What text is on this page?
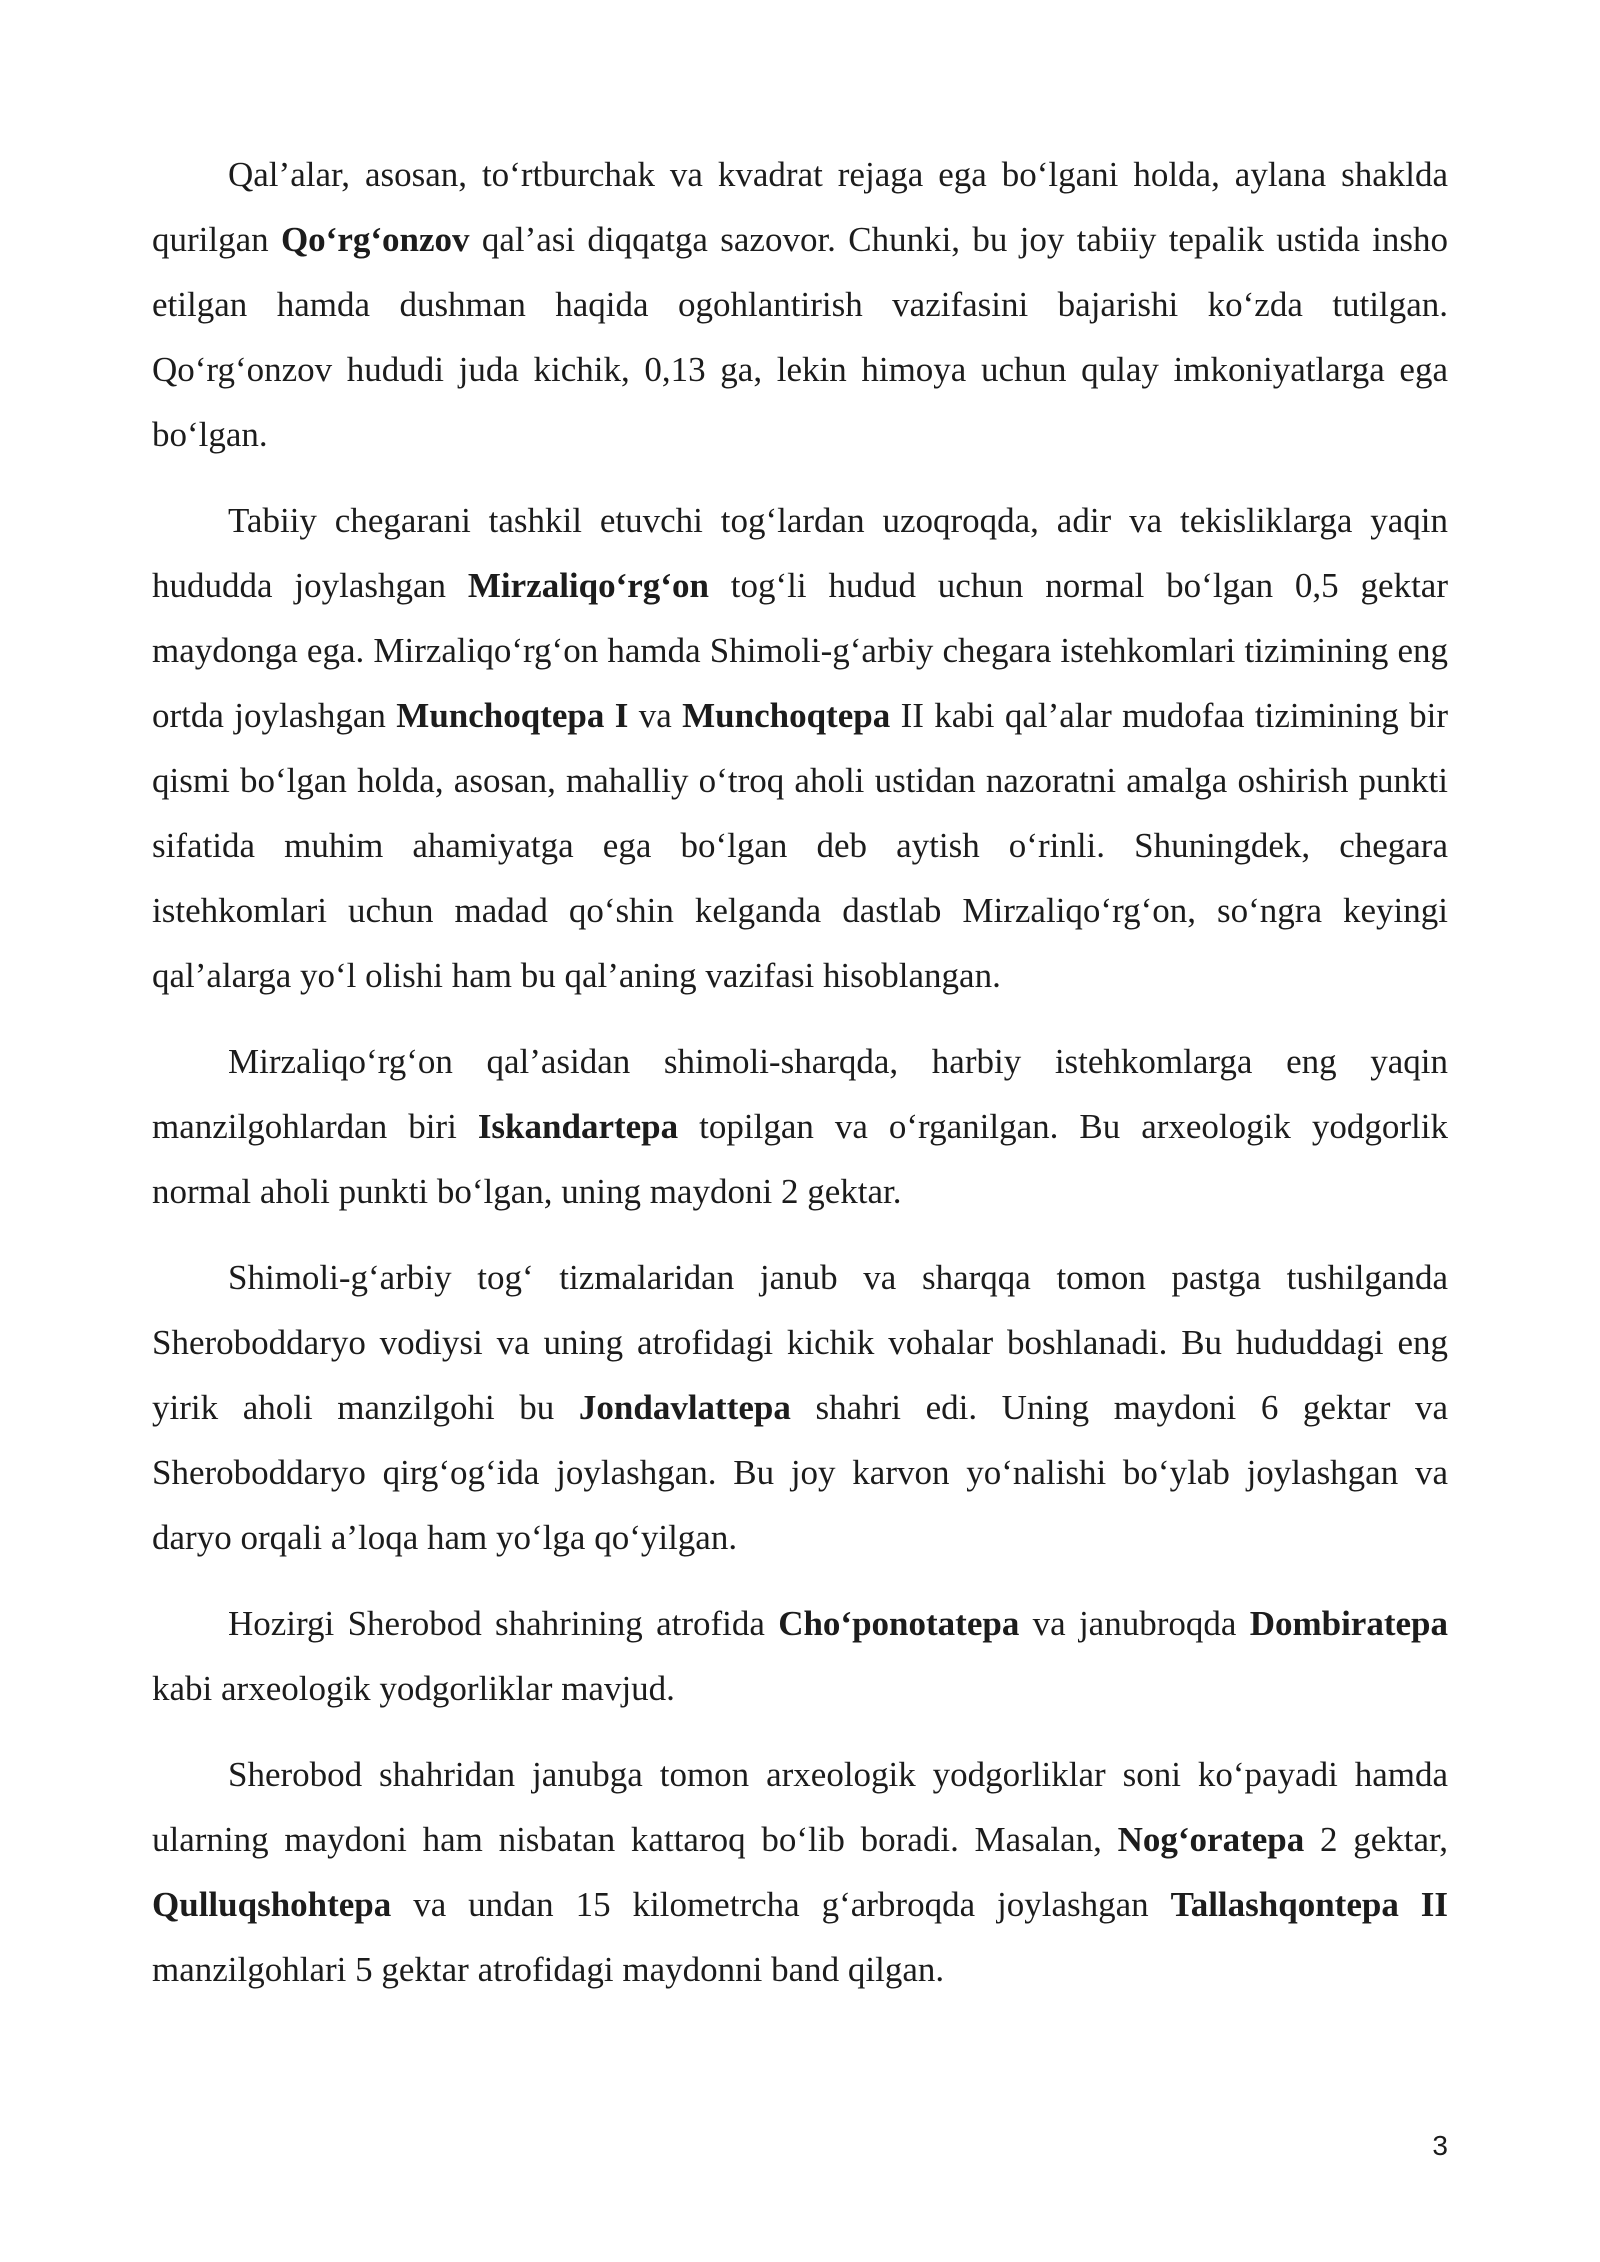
Qal’alar, asosan, to‘rtburchak va kvadrat rejaga ega bo‘lgani holda, aylana shaklda qurilgan Qo‘rg‘onzov qal’asi diqqatga sazovor. Chunki, bu joy tabiiy tepalik ustida insho etilgan hamda dushman haqida ogohlantirish vazifasini bajarishi ko‘zda tutilgan. Qo‘rg‘onzov hududi juda kichik, 0,13 ga, lekin himoya uchun qulay imkoniyatlarga ega bo‘lgan.

Tabiiy chegarani tashkil etuvchi tog‘lardan uzoqroqda, adir va tekisliklarga yaqin hududda joylashgan Mirzaliqo‘rg‘on tog‘li hudud uchun normal bo‘lgan 0,5 gektar maydonga ega. Mirzaliqo‘rg‘on hamda Shimoli-g‘arbiy chegara istehkomlari tizimining eng ortda joylashgan Munchoqtepa I va Munchoqtepa II kabi qal’alar mudofaa tizimining bir qismi bo‘lgan holda, asosan, mahalliy o‘troq aholi ustidan nazoratni amalga oshirish punkti sifatida muhim ahamiyatga ega bo‘lgan deb aytish o‘rinli. Shuningdek, chegara istehkomlari uchun madad qo‘shin kelganda dastlab Mirzaliqo‘rg‘on, so‘ngra keyingi qal’alarga yo‘l olishi ham bu qal’aning vazifasi hisoblangan.

Mirzaliqo‘rg‘on qal’asidan shimoli-sharqda, harbiy istehkomlarga eng yaqin manzilgohlardan biri Iskandartepa topilgan va o‘rganilgan. Bu arxeologik yodgorlik normal aholi punkti bo‘lgan, uning maydoni 2 gektar.

Shimoli-g‘arbiy tog‘ tizmalaridan janub va sharqqa tomon pastga tushilganda Sheroboddaryo vodiysi va uning atrofidagi kichik vohalar boshlanadi. Bu hududdagi eng yirik aholi manzilgohi bu Jondavlattepa shahri edi. Uning maydoni 6 gektar va Sheroboddaryo qirg‘og‘ida joylashgan. Bu joy karvon yo‘nalishi bo‘ylab joylashgan va daryo orqali a’loqa ham yo‘lga qo‘yilgan.

Hozirgi Sherobod shahrining atrofida Cho‘ponotatepa va janubroqda Dombiratepa kabi arxeologik yodgorliklar mavjud.

Sherobod shahridan janubga tomon arxeologik yodgorliklar soni ko‘payadi hamda ularning maydoni ham nisbatan kattaroq bo‘lib boradi. Masalan, Nog‘oratepa 2 gektar, Qulluqshohtepa va undan 15 kilometrcha g‘arbroqda joylashgan Tallashqontepa II manzilgohlari 5 gektar atrofidagi maydonni band qilgan.

3
